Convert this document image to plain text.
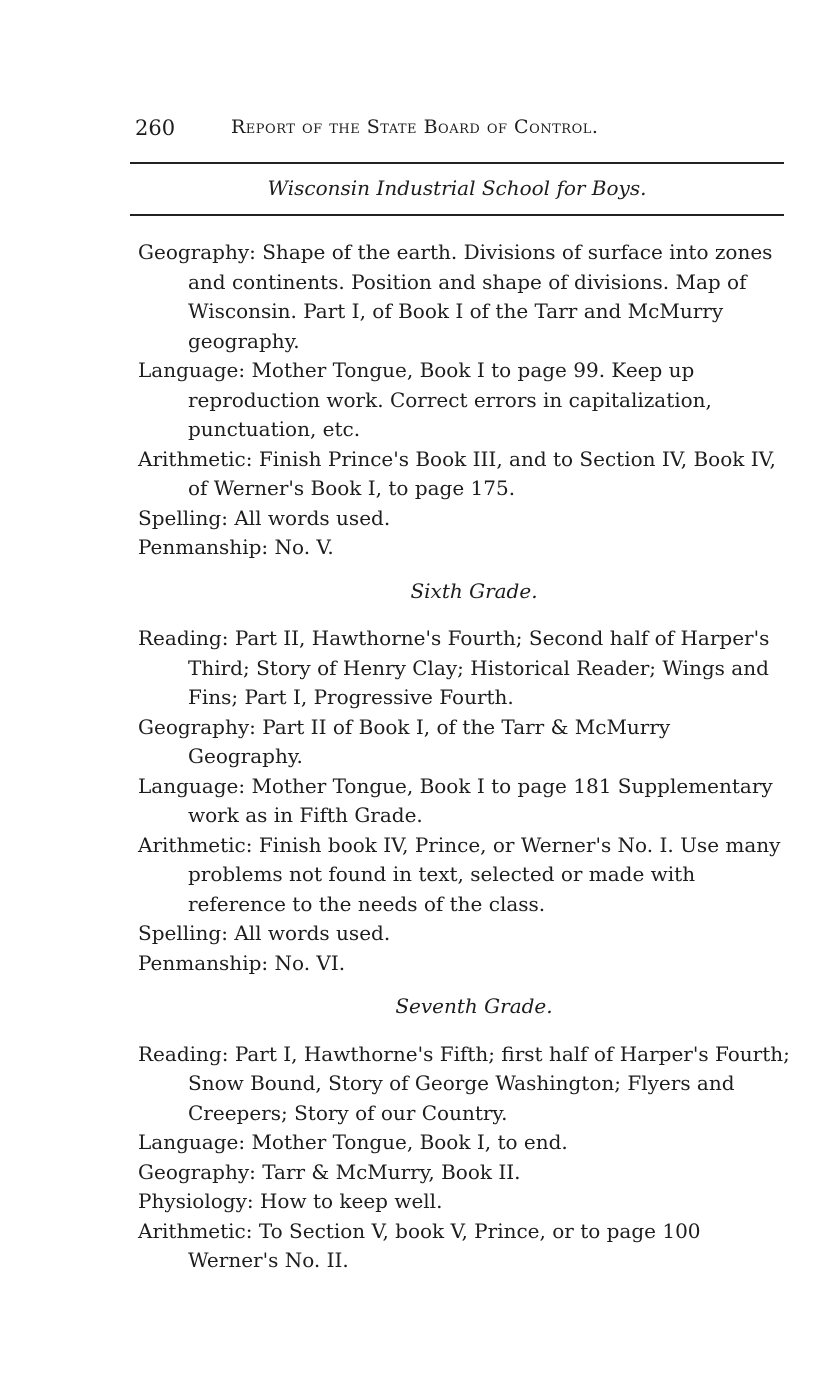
260	Report of the State Board of Control.
Wisconsin Industrial School for Boys.

Geography: Shape of the earth. Divisions of surface into zones and continents. Position and shape of divisions. Map of Wisconsin. Part I, of Book I of the Tarr and McMurry geography.

Language: Mother Tongue, Book I to page 99. Keep up reproduction work. Correct errors in capitalization, punctuation, etc.

Arithmetic: Finish Prince's Book III, and to Section IV, Book IV, of Werner's Book I, to page 175.

Spelling: All words used.

Penmanship: No. V.

Sixth Grade.

Reading: Part II, Hawthorne's Fourth; Second half of Harper's Third; Story of Henry Clay; Historical Reader; Wings and Fins; Part I, Progressive Fourth.

Geography: Part II of Book I, of the Tarr & McMurry Geography.

Language: Mother Tongue, Book I to page 181 Supplementary work as in Fifth Grade.

Arithmetic: Finish book IV, Prince, or Werner's No. I. Use many problems not found in text, selected or made with reference to the needs of the class.

Spelling: All words used.

Penmanship: No. VI.

Seventh Grade.

Reading: Part I, Hawthorne's Fifth; first half of Harper's Fourth; Snow Bound, Story of George Washington; Flyers and Creepers; Story of our Country.

Language: Mother Tongue, Book I, to end.

Geography: Tarr & McMurry, Book II.

Physiology: How to keep well.

Arithmetic: To Section V, book V, Prince, or to page 100 Werner's No. II.
